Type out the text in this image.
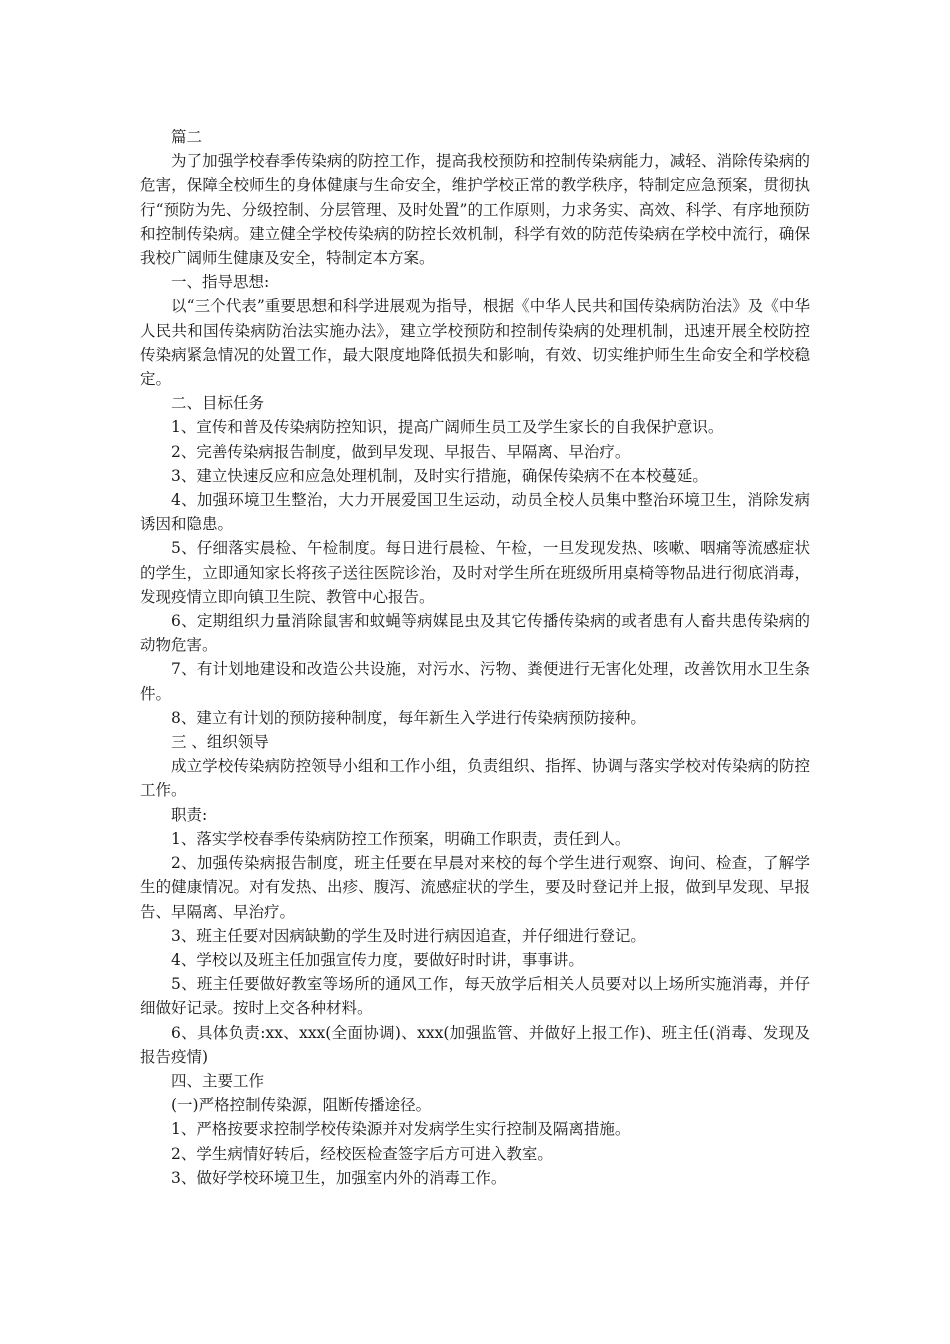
篇二

为了加强学校春季传染病的防控工作，提高我校预防和控制传染病能力，减轻、消除传染病的危害，保障全校师生的身体健康与生命安全，维护学校正常的教学秩序，特制定应急预案，贯彻执行“预防为先、分级控制、分层管理、及时处置”的工作原则，力求务实、高效、科学、有序地预防和控制传染病。建立健全学校传染病的防控长效机制，科学有效的防范传染病在学校中流行，确保我校广阔师生健康及安全，特制定本方案。

一、指导思想:

以“三个代表”重要思想和科学进展观为指导，根据《中华人民共和国传染病防治法》及《中华人民共和国传染病防治法实施办法》，建立学校预防和控制传染病的处理机制，迅速开展全校防控传染病紧急情况的处置工作，最大限度地降低损失和影响，有效、切实维护师生生命安全和学校稳定。

二、目标任务

1、宣传和普及传染病防控知识，提高广阔师生员工及学生家长的自我保护意识。

2、完善传染病报告制度，做到早发现、早报告、早隔离、早治疗。

3、建立快速反应和应急处理机制，及时实行措施，确保传染病不在本校蔓延。

4、加强环境卫生整治，大力开展爱国卫生运动，动员全校人员集中整治环境卫生，消除发病诱因和隐患。

5、仔细落实晨检、午检制度。每日进行晨检、午检，一旦发现发热、咳嗽、咽痛等流感症状的学生，立即通知家长将孩子送往医院诊治，及时对学生所在班级所用桌椅等物品进行彻底消毒，发现疫情立即向镇卫生院、教管中心报告。

6、定期组织力量消除鼠害和蚊蝇等病媒昆虫及其它传播传染病的或者患有人畜共患传染病的动物危害。

7、有计划地建设和改造公共设施，对污水、污物、粪便进行无害化处理，改善饮用水卫生条件。

8、建立有计划的预防接种制度，每年新生入学进行传染病预防接种。

三 、组织领导

成立学校传染病防控领导小组和工作小组，负责组织、指挥、协调与落实学校对传染病的防控工作。

职责:

1、落实学校春季传染病防控工作预案，明确工作职责，责任到人。

2、加强传染病报告制度，班主任要在早晨对来校的每个学生进行观察、询问、检查，了解学生的健康情况。对有发热、出疹、腹泻、流感症状的学生，要及时登记并上报，做到早发现、早报告、早隔离、早治疗。

3、班主任要对因病缺勤的学生及时进行病因追查，并仔细进行登记。

4、学校以及班主任加强宣传力度，要做好时时讲，事事讲。

5、班主任要做好教室等场所的通风工作，每天放学后相关人员要对以上场所实施消毒，并仔细做好记录。按时上交各种材料。

6、具体负责:xx、xxx(全面协调)、xxx(加强监管、并做好上报工作)、班主任(消毒、发现及报告疫情)

四、主要工作

(一)严格控制传染源，阻断传播途径。

1、严格按要求控制学校传染源并对发病学生实行控制及隔离措施。

2、学生病情好转后，经校医检查签字后方可进入教室。

3、做好学校环境卫生，加强室内外的消毒工作。
